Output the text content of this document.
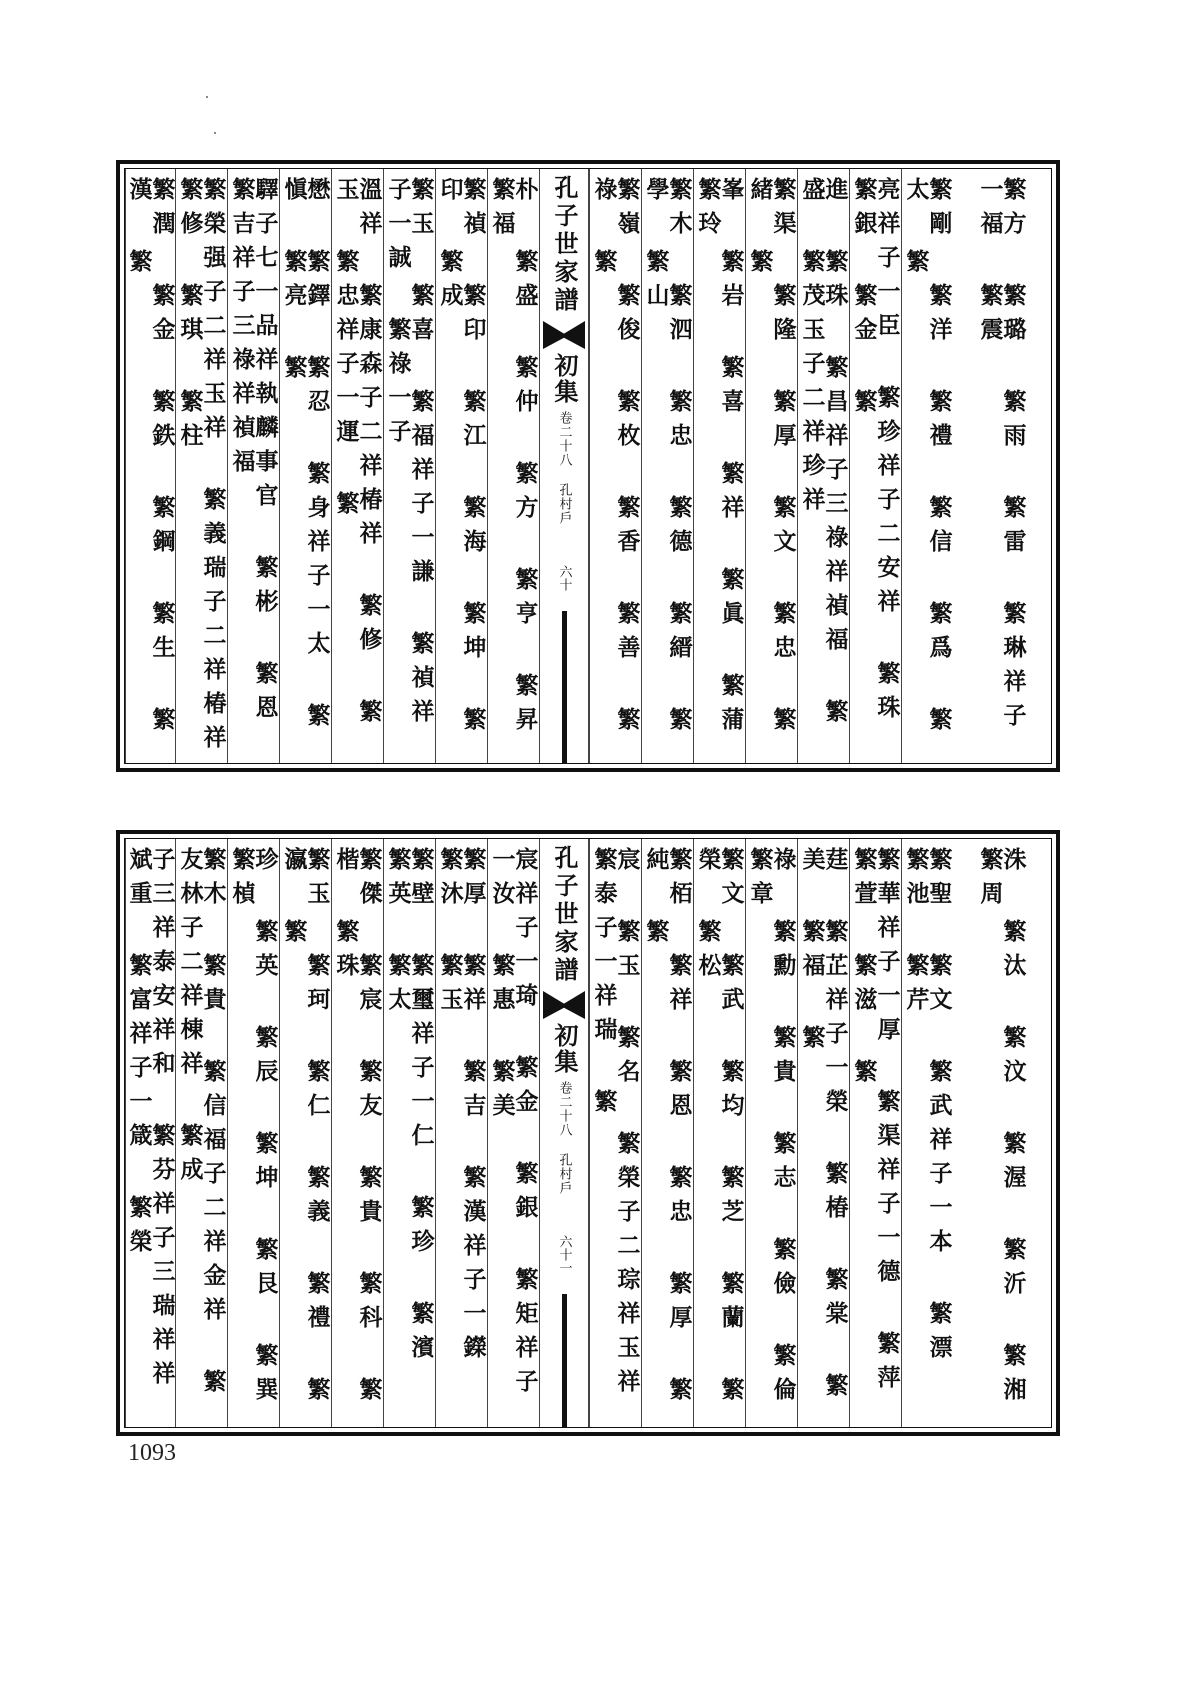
繁潤 繁金 繁鉄 繁鋼 繁生 繁漢 繁	繁榮强子二祥玉祥 繁義瑞子二祥椿祥 繁修 繁琪 繁柱	驛子七一品祥執麟事官 繁彬 繁恩 繁吉祥子三祿祥禎福	懋 繁鐸 繁忍 繁身祥子一太 繁愼 繁亮 繁	溫祥 繁康森子二祥椿祥 繁修 繁玉 繁忠祥子一運 繁	繁玉 繁喜 繁福祥子一謙 繁禎祥子一誠 繁祿一子	繁禎 繁印 繁江 繁海 繁坤 繁印 繁成	朴 繁盛 繁仲 繁方 繁亨 繁昇 繁福	孔子世家譜
初集
卷二十八 孔村戶
六十	繁嶺 繁俊 繁枚 繁香 繁善 繁祿 繁	繁木 繁泗 繁忠 繁德 繁縉 繁學 繁山	峯 繁岩 繁喜 繁祥 繁眞 繁蒲 繁玲	繁渠 繁隆 繁厚 繁文 繁忠 繁緒 繁	進 繁珠 繁昌祥子三祿祥禎福 繁盛 繁茂玉子二祥珍祥	亮祥子一臣 繁珍祥子二安祥 繁珠 繁銀 繁金 繁	繁剛 繁洋 繁禮 繁信 繁爲 繁太 繁	繁方 繁璐 繁雨 繁雷 繁琳祥子一福 繁震
子三祥泰安祥和 繁芬祥子三瑞祥祥斌重 繁富祥子一箴 繁榮	繁木 繁貴 繁信福子二祥金祥 繁友林子二祥棟祥 繁成	珍 繁英 繁辰 繁坤 繁艮 繁巽 繁楨	繁玉 繁珂 繁仁 繁義 繁禮 繁瀛 繁	繁傑 繁宸 繁友 繁貴 繁科 繁楷 繁珠	繁壁 繁璽祥子一仁 繁珍 繁濱 繁英 繁太	繁厚 繁祥 繁吉 繁漢祥子一鑅 繁沐 繁玉	宸祥子一琦 繁金 繁銀 繁矩祥子一汝 繁惠 繁美	孔子世家譜
初集
卷二十八 孔村戶
六十一	宸 繁玉 繁名 繁榮子二琮祥玉祥 繁泰子一祥瑞 繁	繁栢 繁祥 繁恩 繁忠 繁厚 繁純 繁	繁文 繁武 繁均 繁芝 繁蘭 繁榮 繁松	祿 繁勳 繁貴 繁志 繁儉 繁倫 繁章	莛 繁芷祥子一榮 繁椿 繁棠 繁美 繁福 繁	繁華祥子一厚 繁渠祥子一德 繁萍 繁萱 繁滋 繁	繁聖 繁文 繁武祥子一本 繁漂 繁池 繁芹	洙 繁汰 繁汶 繁渥 繁沂 繁湘 繁周
1093
